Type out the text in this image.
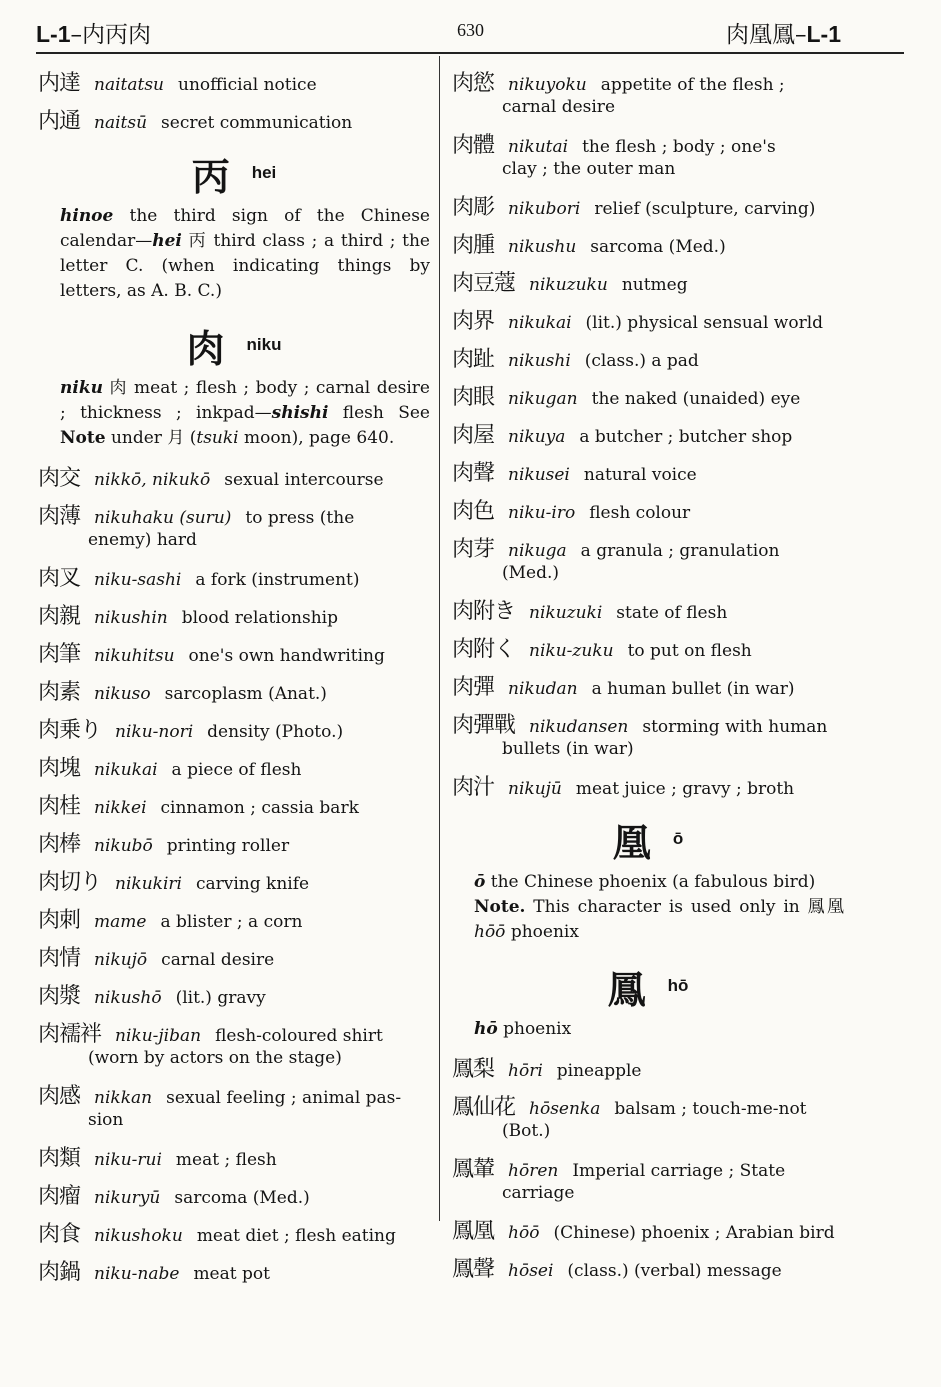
L-1–内丙肉	630	肉凰鳳–L-1
内達 naitatsu unofficial notice
内通 naitsū secret communication
丙 hei

hinoe the third sign of the Chinese calendar—hei 丙 third class ; a third ; the letter C. (when indicating things by letters, as A. B. C.)

肉 niku

niku 肉 meat ; flesh ; body ; carnal desire ; thickness ; inkpad—shishi flesh See Note under 月 (tsuki moon), page 640.

肉交 nikkō, nikukō sexual intercourse
肉薄 nikuhaku (suru) to press (the
enemy) hard
肉叉 niku-sashi a fork (instrument)
肉親 nikushin blood relationship
肉筆 nikuhitsu one's own handwriting
肉素 nikuso sarcoplasm (Anat.)
肉乗り niku-nori density (Photo.)
肉塊 nikukai a piece of flesh
肉桂 nikkei cinnamon ; cassia bark
肉棒 nikubō printing roller
肉切り nikukiri carving knife
肉刺 mame a blister ; a corn
肉情 nikujō carnal desire
肉漿 nikushō (lit.) gravy
肉襦袢 niku-jiban flesh-coloured shirt
(worn by actors on the stage)
肉感 nikkan sexual feeling ; animal pas-
sion
肉類 niku-rui meat ; flesh
肉瘤 nikuryū sarcoma (Med.)
肉食 nikushoku meat diet ; flesh eating
肉鍋 niku-nabe meat pot
肉慾 nikuyoku appetite of the flesh ;
carnal desire
肉體 nikutai the flesh ; body ; one's
clay ; the outer man
肉彫 nikubori relief (sculpture, carving)
肉腫 nikushu sarcoma (Med.)
肉豆蔻 nikuzuku nutmeg
肉界 nikukai (lit.) physical sensual world
肉趾 nikushi (class.) a pad
肉眼 nikugan the naked (unaided) eye
肉屋 nikuya a butcher ; butcher shop
肉聲 nikusei natural voice
肉色 niku-iro flesh colour
肉芽 nikuga a granula ; granulation
(Med.)
肉附き nikuzuki state of flesh
肉附く niku-zuku to put on flesh
肉彈 nikudan a human bullet (in war)
肉彈戰 nikudansen storming with human
bullets (in war)
肉汁 nikujū meat juice ; gravy ; broth
凰 ō

ō the Chinese phoenix (a fabulous bird)
Note. This character is used only in 鳳凰 hōō phoenix

鳳 hō

hō phoenix

鳳梨 hōri pineapple
鳳仙花 hōsenka balsam ; touch-me-not
(Bot.)
鳳輦 hōren Imperial carriage ; State
carriage
鳳凰 hōō (Chinese) phoenix ; Arabian bird
鳳聲 hōsei (class.) (verbal) message
